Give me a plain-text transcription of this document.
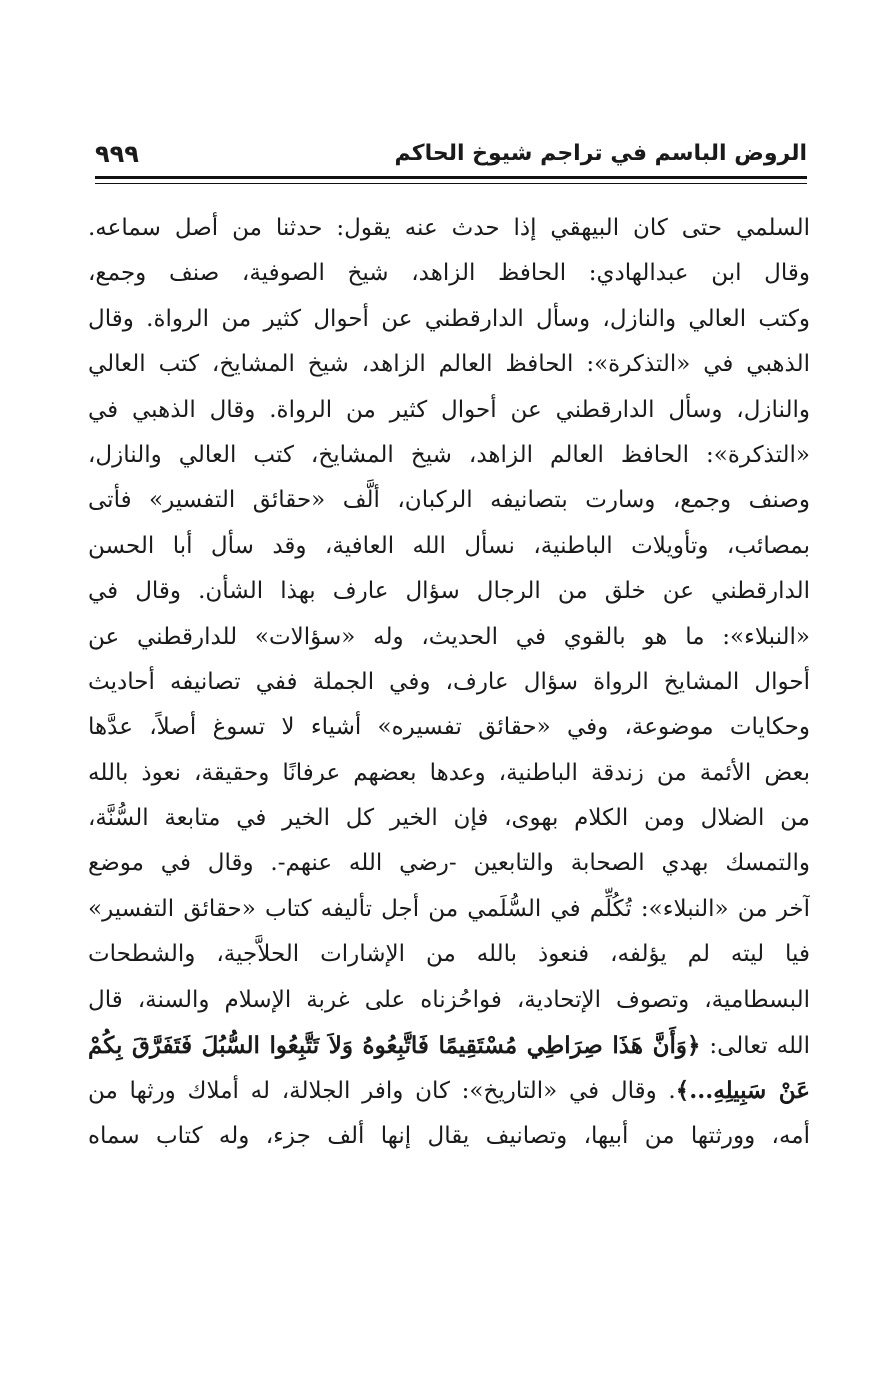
الروض الباسم في تراجم شيوخ الحاكم
٩٩٩
السلمي حتى كان البيهقي إذا حدث عنه يقول: حدثنا من أصل سماعه.
وقال ابن عبدالهادي: الحافظ الزاهد، شيخ الصوفية، صنف وجمع،
وكتب العالي والنازل، وسأل الدارقطني عن أحوال كثير من الرواة. وقال
الذهبي في «التذكرة»: الحافظ العالم الزاهد، شيخ المشايخ، كتب العالي
والنازل، وسأل الدارقطني عن أحوال كثير من الرواة. وقال الذهبي في
«التذكرة»: الحافظ العالم الزاهد، شيخ المشايخ، كتب العالي والنازل،
وصنف وجمع، وسارت بتصانيفه الركبان، ألَّف «حقائق التفسير» فأتى
بمصائب، وتأويلات الباطنية، نسأل الله العافية، وقد سأل أبا الحسن
الدارقطني عن خلق من الرجال سؤال عارف بهذا الشأن. وقال في
«النبلاء»: ما هو بالقوي في الحديث، وله «سؤالات» للدارقطني عن
أحوال المشايخ الرواة سؤال عارف، وفي الجملة ففي تصانيفه أحاديث
وحكايات موضوعة، وفي «حقائق تفسيره» أشياء لا تسوغ أصلاً، عدَّها
بعض الأئمة من زندقة الباطنية، وعدها بعضهم عرفانًا وحقيقة، نعوذ بالله
من الضلال ومن الكلام بهوى، فإن الخير كل الخير في متابعة السُّنَّة،
والتمسك بهدي الصحابة والتابعين -رضي الله عنهم-. وقال في موضع
آخر من «النبلاء»: تُكُلِّم في السُّلَمي من أجل تأليفه كتاب «حقائق التفسير»
فيا ليته لم يؤلفه، فنعوذ بالله من الإشارات الحلاَّجية، والشطحات
البسطامية، وتصوف الإتحادية، فواحُزناه على غربة الإسلام والسنة، قال
الله تعالى: ﴿وَأَنَّ هَذَا صِرَاطِي مُسْتَقِيمًا فَاتَّبِعُوهُ وَلاَ تَتَّبِعُوا السُّبُلَ فَتَفَرَّقَ بِكُمْ
عَنْ سَبِيلِهِ...﴾. وقال في «التاريخ»: كان وافر الجلالة، له أملاك ورثها من
أمه، وورثتها من أبيها، وتصانيف يقال إنها ألف جزء، وله كتاب سماه
